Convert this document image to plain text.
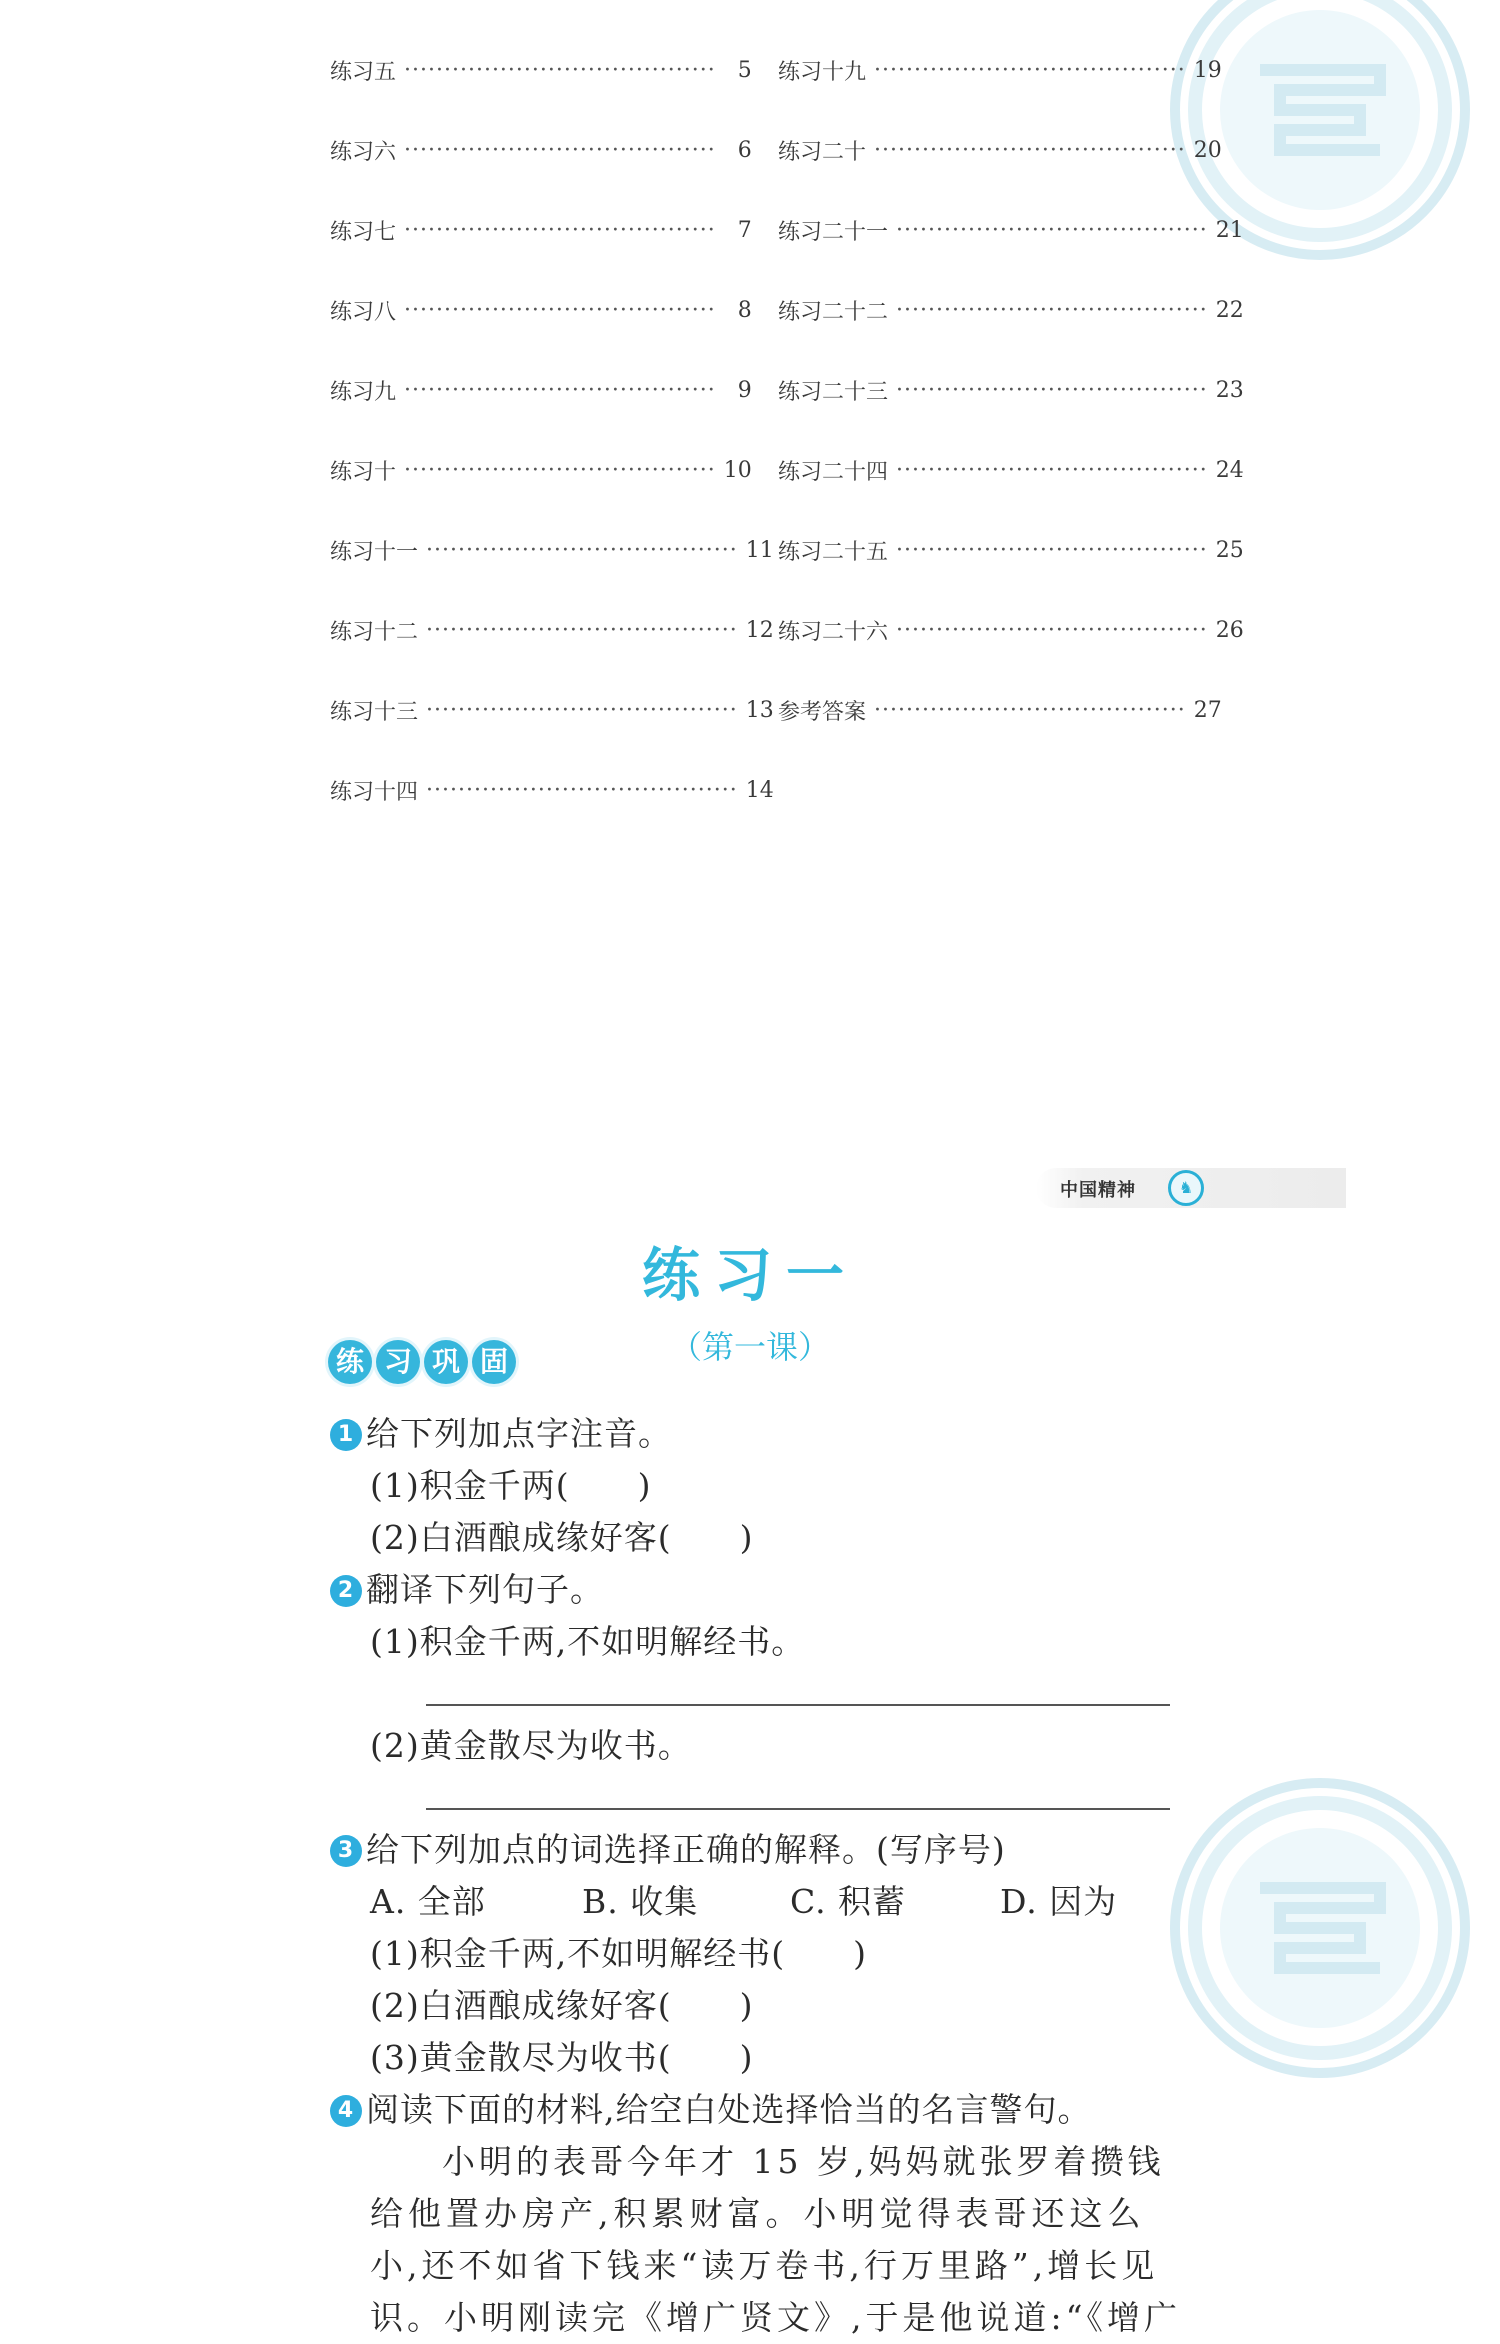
练习五 ·······································	5
练习六 ·······································	6
练习七 ·······································	7
练习八 ·······································	8
练习九 ·······································	9
练习十 ······································· 10
练习十一 ······································· 11
练习十二 ······································· 12
练习十三 ······································· 13
练习十四 ······································· 14
练习十九 ······································· 19
练习二十 ······································· 20
练习二十一 ······································· 21
练习二十二 ······································· 22
练习二十三 ······································· 23
练习二十四 ······································· 24
练习二十五 ······································· 25
练习二十六 ······································· 26
参考答案 ······································· 27
中国精神	♞
练习一
练 习 巩 固	（第一课）
1 给下列加点字注音。
(1)积金千两(　　)
(2)白酒酿成缘好客(　　)
2 翻译下列句子。
(1)积金千两,不如明解经书。
(2)黄金散尽为收书。
3 给下列加点的词选择正确的解释。(写序号)
A. 全部	B. 收集	C. 积蓄	D. 因为
(1)积金千两,不如明解经书(　　)
(2)白酒酿成缘好客(　　)
(3)黄金散尽为收书(　　)
4 阅读下面的材料,给空白处选择恰当的名言警句。
小明的表哥今年才 15 岁,妈妈就张罗着攒钱
给他置办房产,积累财富。小明觉得表哥还这么
小,还不如省下钱来“读万卷书,行万里路”,增长见
识。小明刚读完《增广贤文》,于是他说道:“《增广
